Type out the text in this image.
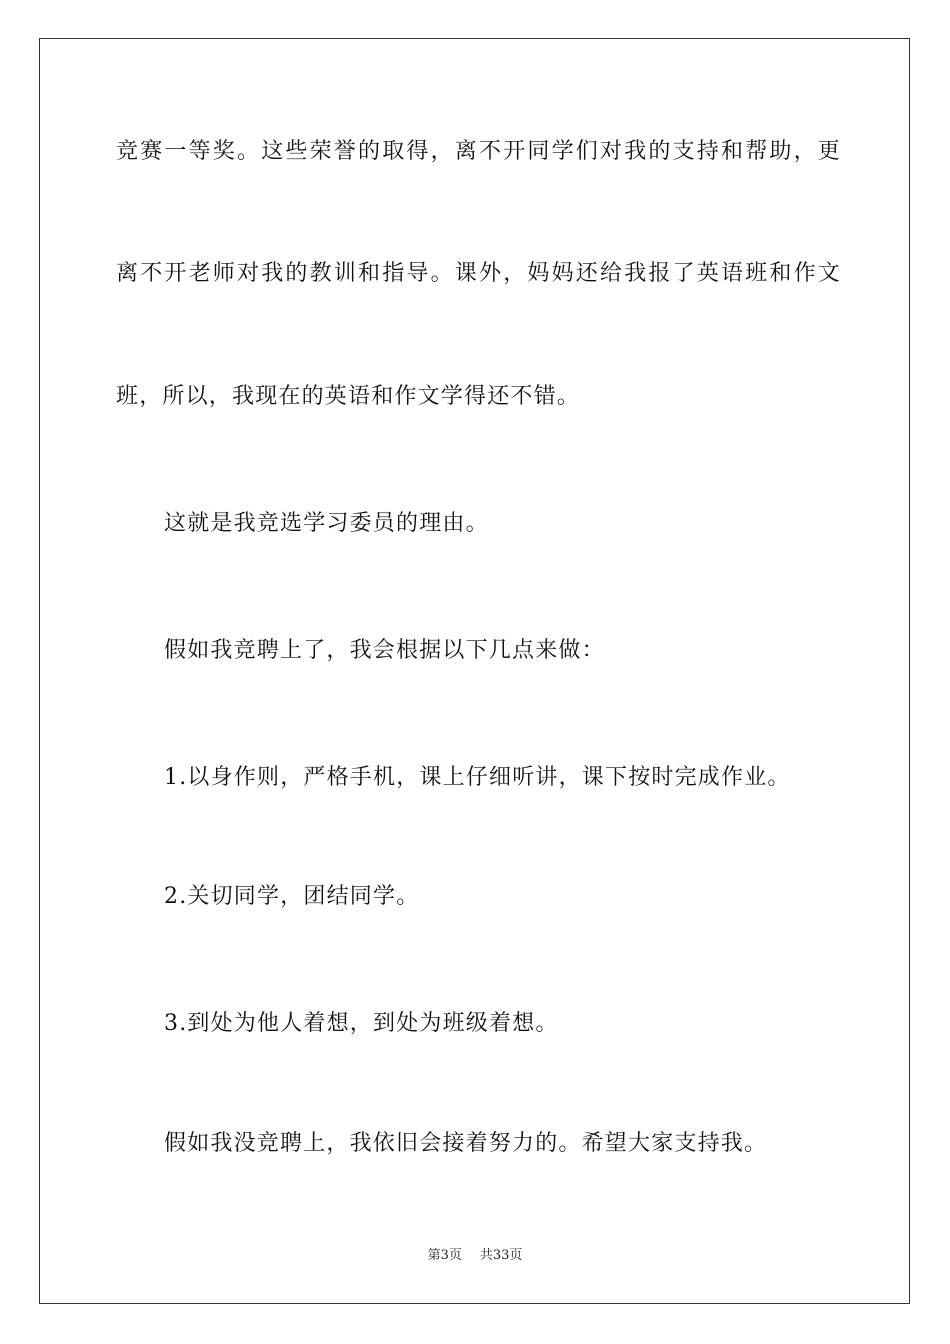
竞赛一等奖。这些荣誉的取得，离不开同学们对我的支持和帮助，更
离不开老师对我的教训和指导。课外，妈妈还给我报了英语班和作文
班，所以，我现在的英语和作文学得还不错。
这就是我竞选学习委员的理由。
假如我竞聘上了，我会根据以下几点来做：
1.以身作则，严格手机，课上仔细听讲，课下按时完成作业。
2.关切同学，团结同学。
3.到处为他人着想，到处为班级着想。
假如我没竞聘上，我依旧会接着努力的。希望大家支持我。
第3页 共33页
